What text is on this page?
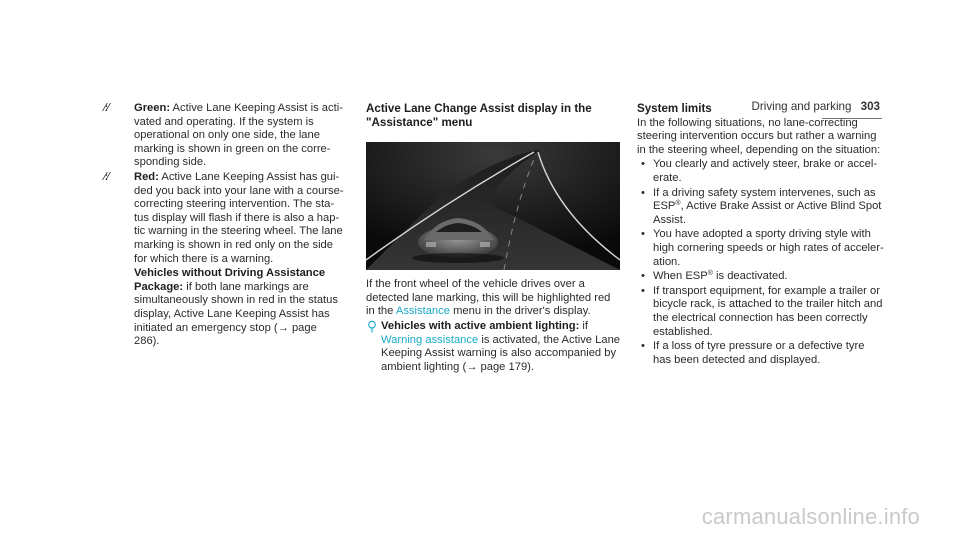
Driving and parking 303
⁄:⁄	Green: Active Lane Keeping Assist is activated and operating. If the system is operational on only one side, the lane marking is shown in green on the corresponding side.
⁄:⁄	Red: Active Lane Keeping Assist has guided you back into your lane with a course-correcting steering intervention. The status display will flash if there is also a haptic warning in the steering wheel. The lane marking is shown in red only on the side for which there is a warning.
Vehicles without Driving Assistance Package: if both lane markings are simultaneously shown in red in the status display, Active Lane Keeping Assist has initiated an emergency stop (→ page 286).
Active Lane Change Assist display in the "Assistance" menu
If the front wheel of the vehicle drives over a detected lane marking, this will be highlighted red in the Assistance menu in the driver's display.
Vehicles with active ambient lighting: if Warning assistance is activated, the Active Lane Keeping Assist warning is also accompanied by ambient lighting (→ page 179).
System limits
In the following situations, no lane-correcting steering intervention occurs but rather a warning in the steering wheel, depending on the situation:
• You clearly and actively steer, brake or accelerate.
• If a driving safety system intervenes, such as ESP®, Active Brake Assist or Active Blind Spot Assist.
• You have adopted a sporty driving style with high cornering speeds or high rates of acceleration.
• When ESP® is deactivated.
• If transport equipment, for example a trailer or bicycle rack, is attached to the trailer hitch and the electrical connection has been correctly established.
• If a loss of tyre pressure or a defective tyre has been detected and displayed.
carmanualsonline.info
